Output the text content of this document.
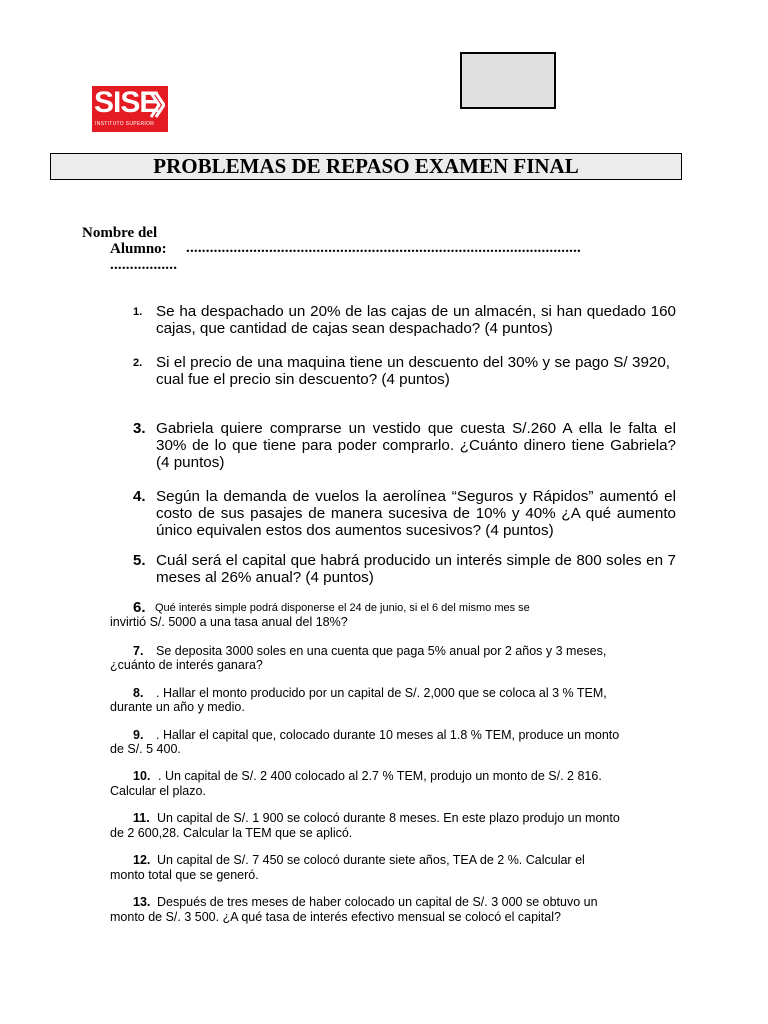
SISE
INSTITUTO SUPERIOR
PROBLEMAS DE REPASO EXAMEN FINAL
Nombre del
Alumno: ....................................................................................................
.................
1. Se ha despachado un 20% de las cajas de un almacén, si han quedado 160 cajas, que cantidad de cajas sean despachado? (4 puntos)
2. Si el precio de una maquina tiene un descuento del 30% y se pago S/ 3920, cual fue el precio sin descuento? (4 puntos)
3. Gabriela quiere comprarse un vestido que cuesta S/.260 A ella le falta el 30% de lo que tiene para poder comprarlo. ¿Cuánto dinero tiene Gabriela? (4 puntos)
4. Según la demanda de vuelos la aerolínea “Seguros y Rápidos” aumentó el costo de sus pasajes de manera sucesiva de 10% y 40% ¿A qué aumento único equivalen estos dos aumentos sucesivos? (4 puntos)
5. Cuál será el capital que habrá producido un interés simple de 800 soles en 7 meses al 26% anual? (4 puntos)
6. Qué interés simple podrá disponerse el 24 de junio, si el 6 del mismo mes se
invirtió S/. 5000 a una tasa anual del 18%?
7. Se deposita 3000 soles en una cuenta que paga 5% anual por 2 años y 3 meses,
¿cuánto de interés ganara?
8. . Hallar el monto producido por un capital de S/. 2,000 que se coloca al 3 % TEM,
durante un año y medio.
9. . Hallar el capital que, colocado durante 10 meses al 1.8 % TEM, produce un monto
de S/. 5 400.
10. . Un capital de S/. 2 400 colocado al 2.7 % TEM, produjo un monto de S/. 2 816.
Calcular el plazo.
11. Un capital de S/. 1 900 se colocó durante 8 meses. En este plazo produjo un monto
de 2 600,28. Calcular la TEM que se aplicó.
12. Un capital de S/. 7 450 se colocó durante siete años, TEA de 2 %. Calcular el
monto total que se generó.
13. Después de tres meses de haber colocado un capital de S/. 3 000 se obtuvo un
monto de S/. 3 500. ¿A qué tasa de interés efectivo mensual se colocó el capital?
